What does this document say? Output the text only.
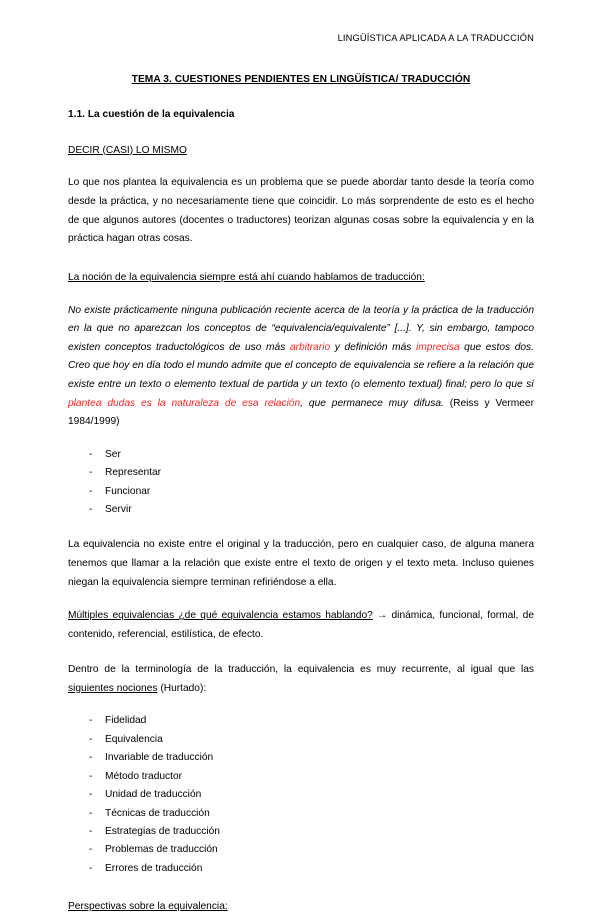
LINGÜÍSTICA APLICADA A LA TRADUCCIÓN
TEMA 3. CUESTIONES PENDIENTES EN LINGÜÍSTICA/ TRADUCCIÓN
1.1. La cuestión de la equivalencia
DECIR (CASI) LO MISMO

Lo que nos plantea la equivalencia es un problema que se puede abordar tanto desde la teoría como desde la práctica, y no necesariamente tiene que coincidir. Lo más sorprendente de esto es el hecho de que algunos autores (docentes o traductores) teorizan algunas cosas sobre la equivalencia y en la práctica hagan otras cosas.

La noción de la equivalencia siempre está ahí cuando hablamos de traducción:

No existe prácticamente ninguna publicación reciente acerca de la teoría y la práctica de la traducción en la que no aparezcan los conceptos de “equivalencia/equivalente” [...]. Y, sin embargo, tampoco existen conceptos traductológicos de uso más arbitrario y definición más imprecisa que estos dos. Creo que hoy en día todo el mundo admite que el concepto de equivalencia se refiere a la relación que existe entre un texto o elemento textual de partida y un texto (o elemento textual) final; pero lo que sí plantea dudas es la naturaleza de esa relación, que permanece muy difusa. (Reiss y Vermeer 1984/1999)

- Ser
- Representar
- Funcionar
- Servir

La equivalencia no existe entre el original y la traducción, pero en cualquier caso, de alguna manera tenemos que llamar a la relación que existe entre el texto de origen y el texto meta. Incluso quienes niegan la equivalencia siempre terminan refiriéndose a ella.

Múltiples equivalencias ¿de qué equivalencia estamos hablando? → dinámica, funcional, formal, de contenido, referencial, estilística, de efecto.

Dentro de la terminología de la traducción, la equivalencia es muy recurrente, al igual que las siguientes nociones (Hurtado):

- Fidelidad
- Equivalencia
- Invariable de traducción
- Método traductor
- Unidad de traducción
- Técnicas de traducción
- Estrategias de traducción
- Problemas de traducción
- Errores de traducción
Perspectivas sobre la equivalencia:
